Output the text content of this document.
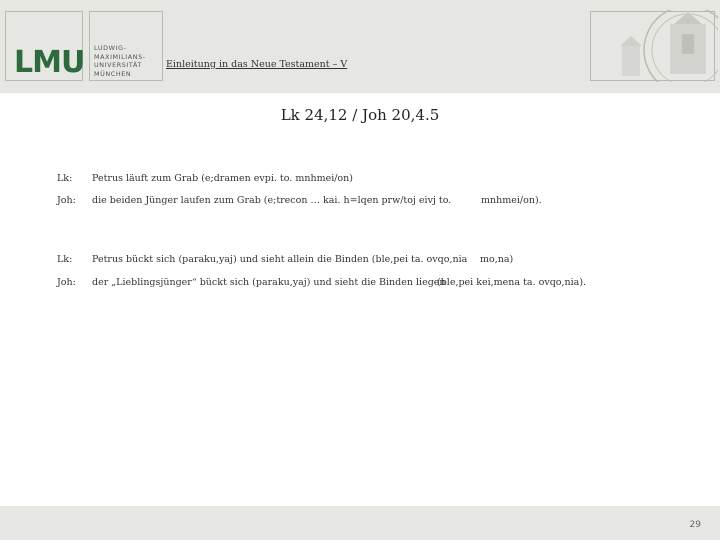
LMU LUDWIG-
MAXIMILIANS-
UNIVERSITÄT
MÜNCHEN
Einleitung in das Neue Testament – V
Lk 24,12 / Joh 20,4.5
Lk: Petrus läuft zum Grab (e;dramen evpi. to. mnhmei/on)
Joh: die beiden Jünger laufen zum Grab (e;trecon … kai. h=lqen prw/toj eivj to.	mnhmei/on).
Lk: Petrus bückt sich (paraku,yaj) und sieht allein die Binden (ble,pei ta. ovqo,nia mo,na)
Joh: der „Lieblingsjünger“ bückt sich (paraku,yaj) und sieht die Binden liegen
(ble,pei kei,mena ta. ovqo,nia).
29
